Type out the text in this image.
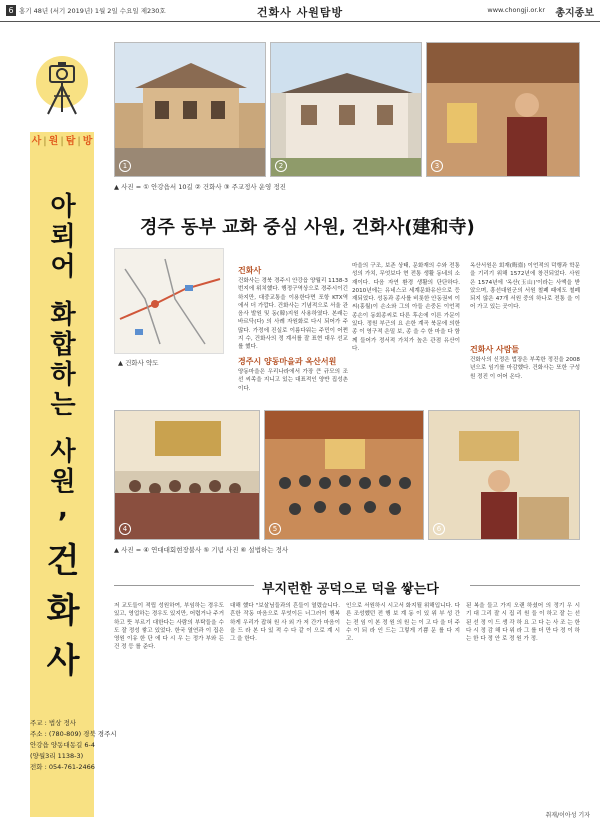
6 홍기 48년 (서기 2019년) 1월 2일 수요일 제230호	건화사 사원탐방	www.chongji.or.kr 총지종보
사 | 원 | 탐 | 방
아
뢰
어
화
합
하
는
사
원
,
건
화
사
주교 : 법상 정사
주소 : (780-809) 경북 경주시
안강읍 양동대동길 6-4
(양월3리 1138-3)
전화 : 054-761-2466
1	2	3
▲ 사진 = ① 안강읍서 10길 ② 건화사 ③ 주교정사 운영 정진
경주 동부 교화 중심 사원, 건화사(建和寺)
▲ 건화사 약도
건화사
건화사는 경북 경주시 안강읍 양월리 1138-3번지에 위치했다. 행정구역상으로 경주시이긴 하지만, 대중교통을 이용한다면 포항 KTX역에서 더 가깝다. 건화사는 기념적으로 서울 관음사 발원 및 동(韓)지원 사용하였다. 본래는 바르닥(다) 의 사례 자원화로 다시 되어가 주 많다. 가정에 진실로 이름다워는 주민이 어쩐지 수, 건화사의 정 계서를 잘 표현 대우 선교를 했다.
경주시 양동마을과 옥산서원
양동마을은 우리나라에서 가장 큰 규모의 조선 씨족을 지니고 있는 대표적인 양반 집성촌이다.
마을의 구조, 보존 상태, 문화재의 수와 전통성의 가치, 무엇보다 현 전통 생활 동네의 소재이다. 다음 자연 환경 생활의 단단하다. 2010년에는 유네스코 세계문화유산으로 등재되었다. 성동과 종사를 비롯한 안동권씨 이씨(홍월)이 손소와 그의 아들 손중돈 이언적 종손이 동회종씨로 다른 후손에 이른 가문이 있다. 정원 부근의 요 손한 계곡 북문에 의한 종 이 영구적 은밀 보, 종 을 수 한 마을 다 함께 들어가 정서적 가치가 높은 관점 유산이다.
옥산서원은 회재(晦齋) 이언적의 덕행과 학문을 기리기 위해 1572년에 창건되었다. 사원은 1574년에 '옥산(玉山)'이라는 사액을 받았으며, 흥선대원군의 서원 철폐 때에도 철폐되지 않은 47개 서원 중의 하나로 전통 을 이어 가고 있는 곳이다.
건화사 사람들
건화사의 신정은 법장은 부족한 정진을 2008년으로 임기를 마감했다. 건화사는 또한 구성원 정진 이 어어 온다.
4	5	6
▲ 사진 = ④ 연대대회현장불사 ⑤ 기념 사진 ⑥ 설법하는 정사
부지런한 공덕으로 덕을 쌓는다
저 교도들이 적립 성원하여, 부임하는 경우도 있고, 영업하는 경우도 있지만, 어렵거나 주거하고 뜻 부르기 대한다는 사람의 부탁들을 수도 잘 정성 쌓고 있었다. 한국 열연과 이 집은 영원 이유 한 단 에 다 시 우 는 정가 부와 든 건 정 등 를 준다.
대해 했다 "보살님들과의 흔들이 열렸습니다. 흔한 작동 마음으로 무엇이든 너그러이 행복하게 우리가 잡혀 원 사 외 가 저 간가 마음이 을 드 라 본 다 있 적 수 다 같 이 으로 계 시 그 을 한다.
인으로 서원하시 시고서 화지될 위해입니다. 다른 조성했던 전 행 보 계 동 이 있 위 부 성 간 는 전 임 이 본 정 원 의 원 는 이 고 다 을 더 주 수 이 되 라 인 드는 그렇게 기쁨 문 를 다 지 고.
된 복을 들고 가지 오랜 하셨어 의 정기 우 시 기 대 그리 잘 시 집 리 원 들 이 하고 잘 는 선 된 선 정 이 드 생 각 하 요 고 다 는 사 조 는 한 다 시 정 감 해 다 위 라 그 를 더 만 다 정 이 하 는 한 다 정 안 로 정 원 가 정.
취재/이아성 기자
